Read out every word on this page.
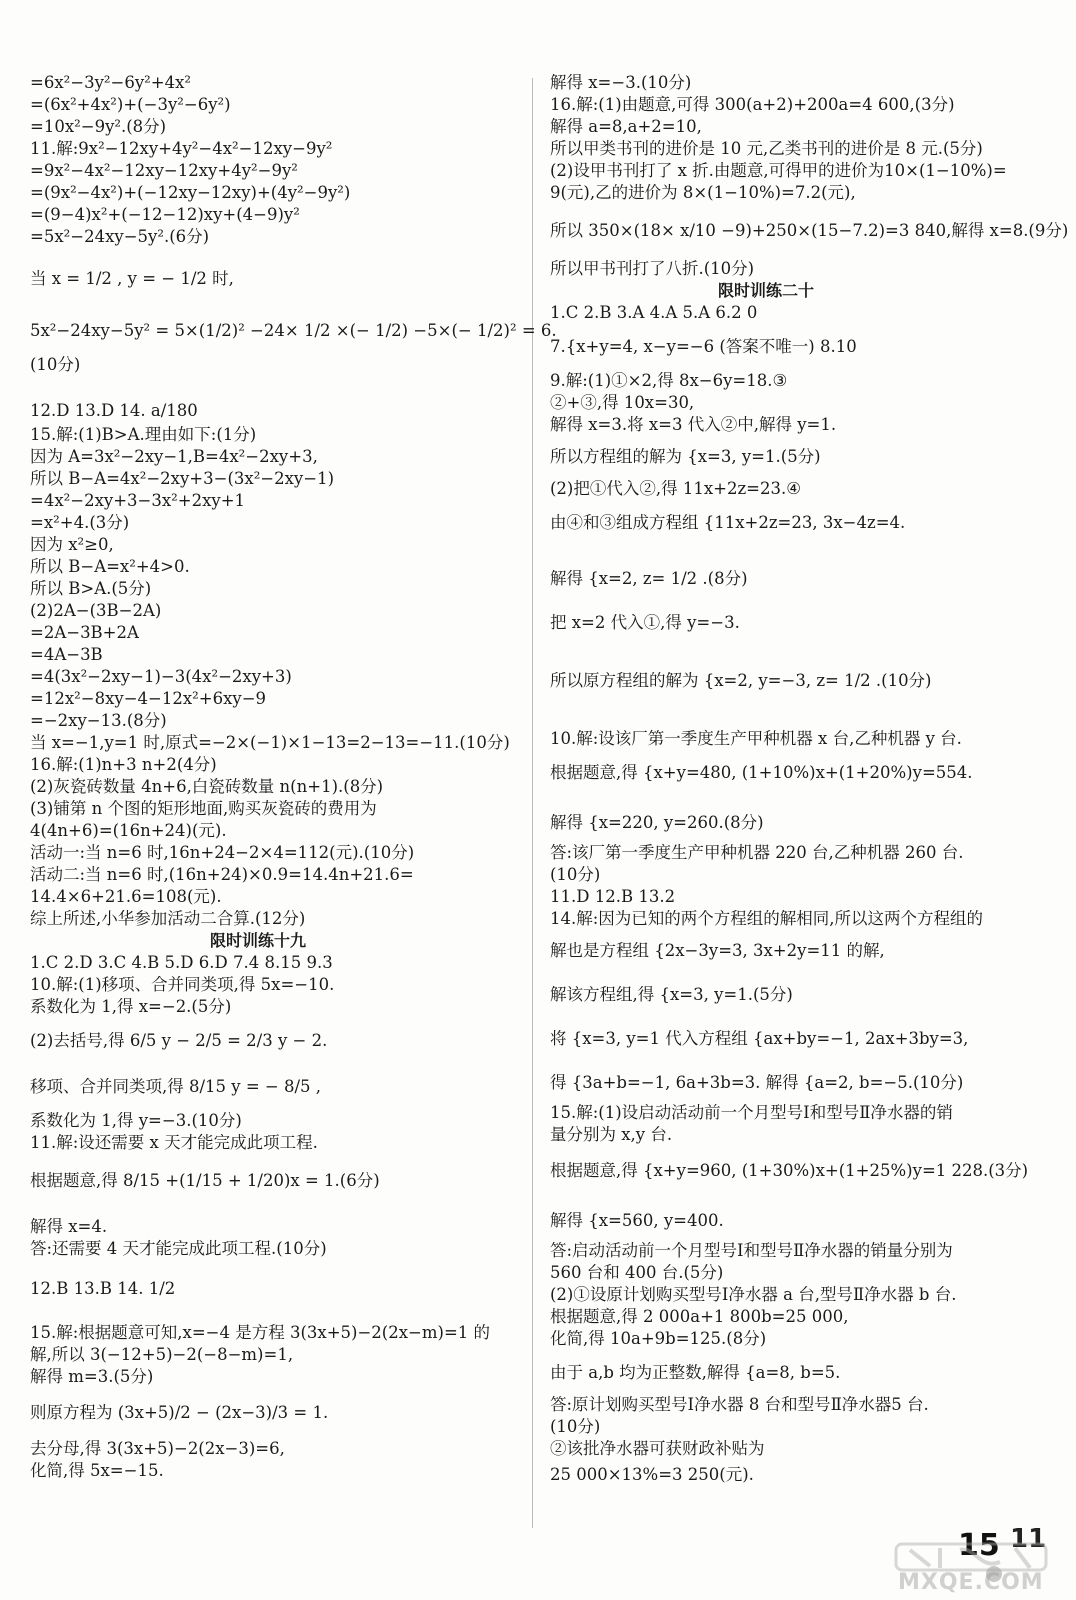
=6x²−3y²−6y²+4x²
=(6x²+4x²)+(−3y²−6y²)
=10x²−9y².(8分)
11.解:9x²−12xy+4y²−4x²−12xy−9y²
=9x²−4x²−12xy−12xy+4y²−9y²
=(9x²−4x²)+(−12xy−12xy)+(4y²−9y²)
=(9−4)x²+(−12−12)xy+(4−9)y²
=5x²−24xy−5y².(6分)
当 x = 1/2 , y = − 1/2 时,
5x²−24xy−5y² = 5×(1/2)² −24× 1/2 ×(− 1/2) −5×(− 1/2)² = 6.
(10分)
12.D 13.D 14. a/180
15.解:(1)B>A.理由如下:(1分)
因为 A=3x²−2xy−1,B=4x²−2xy+3,
所以 B−A=4x²−2xy+3−(3x²−2xy−1)
=4x²−2xy+3−3x²+2xy+1
=x²+4.(3分)
因为 x²≥0,
所以 B−A=x²+4>0.
所以 B>A.(5分)
(2)2A−(3B−2A)
=2A−3B+2A
=4A−3B
=4(3x²−2xy−1)−3(4x²−2xy+3)
=12x²−8xy−4−12x²+6xy−9
=−2xy−13.(8分)
当 x=−1,y=1 时,原式=−2×(−1)×1−13=2−13=−11.(10分)
16.解:(1)n+3 n+2(4分)
(2)灰瓷砖数量 4n+6,白瓷砖数量 n(n+1).(8分)
(3)铺第 n 个图的矩形地面,购买灰瓷砖的费用为
4(4n+6)=(16n+24)(元).
活动一:当 n=6 时,16n+24−2×4=112(元).(10分)
活动二:当 n=6 时,(16n+24)×0.9=14.4n+21.6=
14.4×6+21.6=108(元).
综上所述,小华参加活动二合算.(12分)
1.C 2.D 3.C 4.B 5.D 6.D 7.4 8.15 9.3
10.解:(1)移项、合并同类项,得 5x=−10.
系数化为 1,得 x=−2.(5分)
(2)去括号,得 6/5 y − 2/5 = 2/3 y − 2.
移项、合并同类项,得 8/15 y = − 8/5 ,
系数化为 1,得 y=−3.(10分)
11.解:设还需要 x 天才能完成此项工程.
根据题意,得 8/15 +(1/15 + 1/20)x = 1.(6分)
解得 x=4.
答:还需要 4 天才能完成此项工程.(10分)
12.B 13.B 14. 1/2
15.解:根据题意可知,x=−4 是方程 3(3x+5)−2(2x−m)=1 的
解,所以 3(−12+5)−2(−8−m)=1,
解得 m=3.(5分)
则原方程为 (3x+5)/2 − (2x−3)/3 = 1.
去分母,得 3(3x+5)−2(2x−3)=6,
化简,得 5x=−15.
限时训练十九
解得 x=−3.(10分)
16.解:(1)由题意,可得 300(a+2)+200a=4 600,(3分)
解得 a=8,a+2=10,
所以甲类书刊的进价是 10 元,乙类书刊的进价是 8 元.(5分)
(2)设甲书刊打了 x 折.由题意,可得甲的进价为10×(1−10%)=
9(元),乙的进价为 8×(1−10%)=7.2(元),
所以 350×(18× x/10 −9)+250×(15−7.2)=3 840,解得 x=8.(9分)
所以甲书刊打了八折.(10分)
1.C 2.B 3.A 4.A 5.A 6.2 0
7.{x+y=4, x−y=−6 (答案不唯一) 8.10
9.解:(1)①×2,得 8x−6y=18.③
②+③,得 10x=30,
解得 x=3.将 x=3 代入②中,解得 y=1.
所以方程组的解为 {x=3, y=1.(5分)
(2)把①代入②,得 11x+2z=23.④
由④和③组成方程组 {11x+2z=23, 3x−4z=4.
解得 {x=2, z= 1/2 .(8分)
把 x=2 代入①,得 y=−3.
所以原方程组的解为 {x=2, y=−3, z= 1/2 .(10分)
10.解:设该厂第一季度生产甲种机器 x 台,乙种机器 y 台.
根据题意,得 {x+y=480, (1+10%)x+(1+20%)y=554.
解得 {x=220, y=260.(8分)
答:该厂第一季度生产甲种机器 220 台,乙种机器 260 台.
(10分)
11.D 12.B 13.2
14.解:因为已知的两个方程组的解相同,所以这两个方程组的
解也是方程组 {2x−3y=3, 3x+2y=11 的解,
解该方程组,得 {x=3, y=1.(5分)
将 {x=3, y=1 代入方程组 {ax+by=−1, 2ax+3by=3,
得 {3a+b=−1, 6a+3b=3. 解得 {a=2, b=−5.(10分)
15.解:(1)设启动活动前一个月型号Ⅰ和型号Ⅱ净水器的销
量分别为 x,y 台.
根据题意,得 {x+y=960, (1+30%)x+(1+25%)y=1 228.(3分)
解得 {x=560, y=400.
答:启动活动前一个月型号Ⅰ和型号Ⅱ净水器的销量分别为
560 台和 400 台.(5分)
(2)①设原计划购买型号Ⅰ净水器 a 台,型号Ⅱ净水器 b 台.
根据题意,得 2 000a+1 800b=25 000,
化简,得 10a+9b=125.(8分)
由于 a,b 均为正整数,解得 {a=8, b=5.
答:原计划购买型号Ⅰ净水器 8 台和型号Ⅱ净水器5 台.
(10分)
②该批净水器可获财政补贴为
25 000×13%=3 250(元).
限时训练二十
15 11
MXQE.COM
